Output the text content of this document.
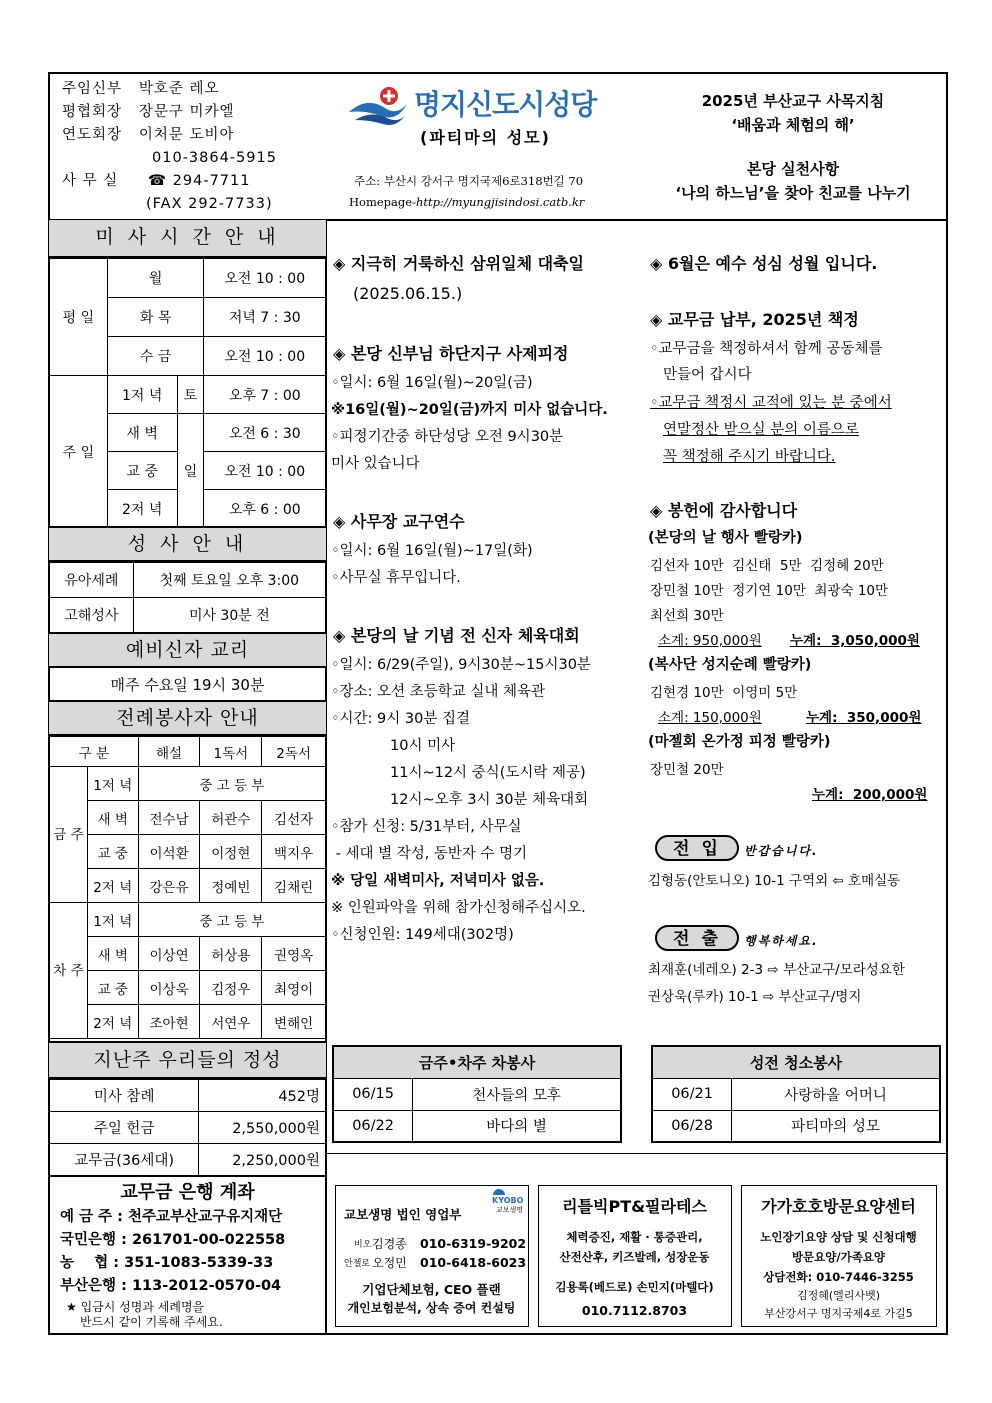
주임신부 박호준 레오
평협회장 장문구 미카엘
연도회장 이처문 도비아
010-3864-5915
사 무 실 ☎ 294-7711
(FAX 292-7733)
명지신도시성당
(파티마의 성모)
주소: 부산시 강서구 명지국제6로318번길 70
Homepage-http://myungjisindosi.catb.kr
2025년 부산교구 사목지침
‘배움과 체험의 해’
본당 실천사항
‘나의 하느님’을 찾아 친교를 나누기
미 사 시 간 안 내
평 일	월		오전 10 : 00
	화 목		저녁 7 : 30
	수 금		오전 10 : 00
주 일	1저 녁	토	오후 7 : 00
	새 벽	일	오전 6 : 30
	교 중		오전 10 : 00
	2저 녁		오후 6 : 00
성 사 안 내
유아세례	첫째 토요일 오후 3:00
고해성사	미사 30분 전
예비신자 교리
매주 수요일 19시 30분
전례봉사자 안내
구 분		해설	1독서	2독서
금 주	1저 녁	중 고 등 부		
	새 벽	전수남	허관수	김선자
	교 중	이석환	이정현	백지우
	2저 녁	강은유	정예빈	김채린
차 주	1저 녁	중 고 등 부		
	새 벽	이상연	허상용	권영옥
	교 중	이상욱	김정우	최영이
	2저 녁	조아현	서연우	변해인
지난주 우리들의 정성
미사 참례	452명
주일 헌금	2,550,000원
교무금(36세대)	2,250,000원
교무금 은행 계좌
예 금 주 : 천주교부산교구유지재단
국민은행 : 261701-00-022558
농    협 : 351-1083-5339-33
부산은행 : 113-2012-0570-04
★ 입금시 성명과 세례명을
반드시 같이 기록해 주세요.
◈ 지극히 거룩하신 삼위일체 대축일
(2025.06.15.)
◈ 본당 신부님 하단지구 사제피정
◦일시: 6월 16일(월)~20일(금)
※16일(월)~20일(금)까지 미사 없습니다.
◦피정기간중 하단성당 오전 9시30분
미사 있습니다
◈ 사무장 교구연수
◦일시: 6월 16일(월)~17일(화)
◦사무실 휴무입니다.
◈ 본당의 날 기념 전 신자 체육대회
◦일시: 6/29(주일), 9시30분~15시30분
◦장소: 오션 초등학교 실내 체육관
◦시간: 9시 30분 집결
10시 미사
11시~12시 중식(도시락 제공)
12시~오후 3시 30분 체육대회
◦참가 신청: 5/31부터, 사무실
- 세대 별 작성, 동반자 수 명기
※ 당일 새벽미사, 저녁미사 없음.
※ 인원파악을 위해 참가신청해주십시오.
◦신청인원: 149세대(302명)
◈ 6월은 예수 성심 성월 입니다.
◈ 교무금 납부, 2025년 책정
◦교무금을 책정하셔서 함께 공동체를
만들어 갑시다
◦교무금 책정시 교적에 있는 분 중에서
연말정산 받으실 분의 이름으로
꼭 책정해 주시기 바랍니다.
◈ 봉헌에 감사합니다
(본당의 날 행사 빨랑카)
김선자 10만  김신태  5만  김정혜 20만
장민철 10만  정기연 10만  최광숙 10만
최선희 30만
소계: 950,000원 누계:  3,050,000원
(복사단 성지순례 빨랑카)
김현경 10만  이영미 5만
소계: 150,000원	누계:  350,000원
(마젤회 온가정 피정 빨랑카)
장민철 20만
누계:  200,000원
전 입	반갑습니다.
김형동(안토니오) 10-1 구역외 ⇦ 호매실동
전 출	행복하세요.
최재훈(네레오) 2-3 ⇨ 부산교구/모라성요한
권상욱(루카) 10-1 ⇨ 부산교구/명지
금주•차주 차봉사	
06/15	천사들의 모후
06/22	바다의 별
성전 청소봉사	
06/21	사랑하올 어머니
06/28	파티마의 성모
교보생명 법인 영업부
KYOBO
교보생명
비오 김경종 010-6319-9202
안젤로 오정민 010-6418-6023
기업단체보험, CEO 플랜
개인보험분석, 상속 증여 컨설팅
리틀빅PT&필라테스
체력증진, 재활 · 통증관리,
산전산후, 키즈발레, 성장운동
김용록(베드로) 손민지(마텔다)
010.7112.8703
가가호호방문요양센터
노인장기요양 상담 및 신청대행
방문요양/가족요양
상담전화: 010-7446-3255
김정혜(엘리사벳)
부산강서구 명지국제4로 가길5
